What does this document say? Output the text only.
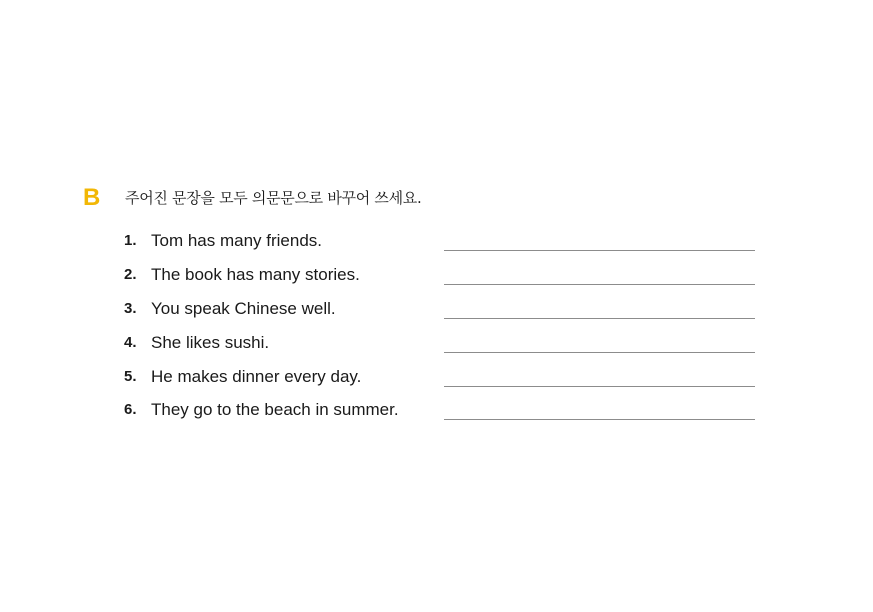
B 주어진 문장을 모두 의문문으로 바꾸어 쓰세요.
1. Tom has many friends.
2. The book has many stories.
3. You speak Chinese well.
4. She likes sushi.
5. He makes dinner every day.
6. They go to the beach in summer.
